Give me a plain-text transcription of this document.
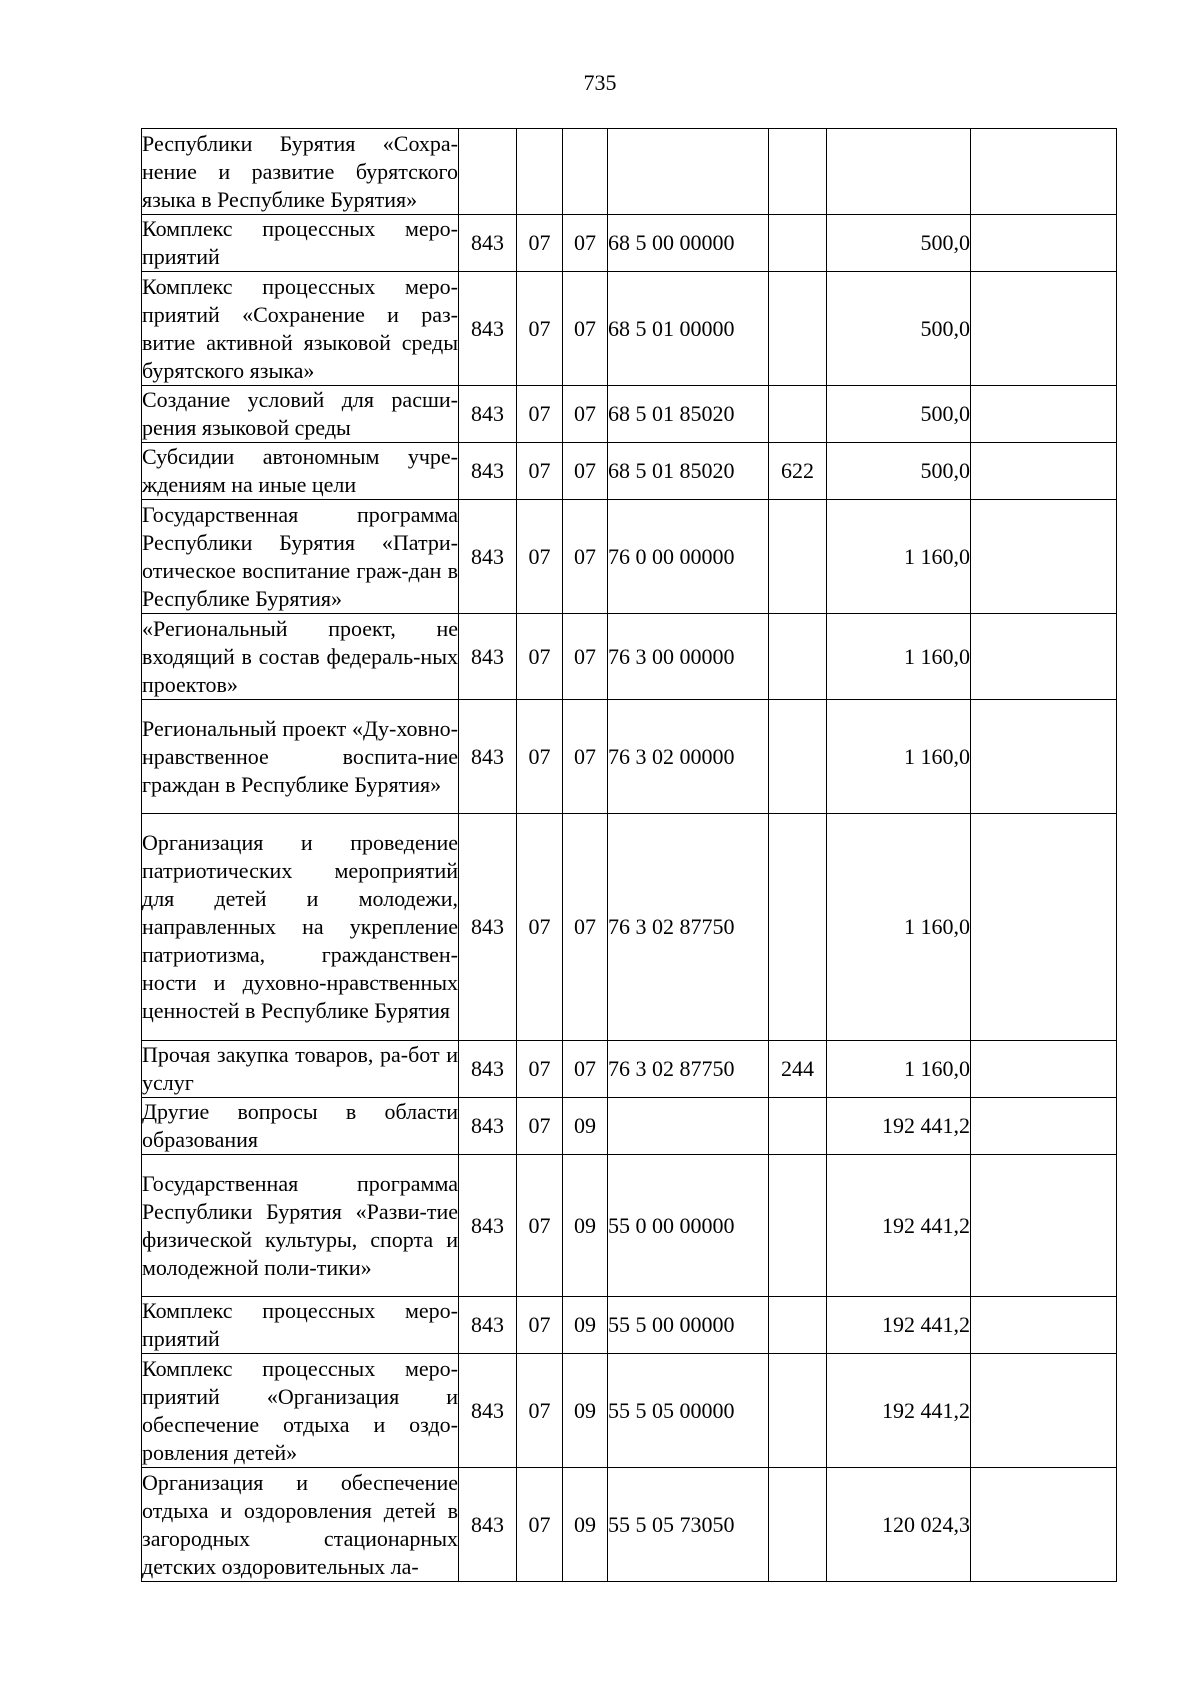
735
Республики Бурятия «Сохра-нение и развитие бурятского языка в Республике Бурятия»							
Комплекс процессных меро-приятий	843	07	07	68 5 00 00000		500,0	
Комплекс процессных меро-приятий «Сохранение и раз-витие активной языковой среды бурятского языка»	843	07	07	68 5 01 00000		500,0	
Создание условий для расши-рения языковой среды	843	07	07	68 5 01 85020		500,0	
Субсидии автономным учре-ждениям на иные цели	843	07	07	68 5 01 85020	622	500,0	
Государственная программа Республики Бурятия «Патри-отическое воспитание граж-дан в Республике Бурятия»	843	07	07	76 0 00 00000		1 160,0	
«Региональный проект, не входящий в состав федераль-ных проектов»	843	07	07	76 3 00 00000		1 160,0	
Региональный проект «Ду-ховно-нравственное воспита-ние граждан в Республике Бурятия»	843	07	07	76 3 02 00000		1 160,0	
Организация и проведение патриотических мероприятий для детей и молодежи, направленных на укрепление патриотизма, гражданствен-ности и духовно-нравственных ценностей в Республике Бурятия	843	07	07	76 3 02 87750		1 160,0	
Прочая закупка товаров, ра-бот и услуг	843	07	07	76 3 02 87750	244	1 160,0	
Другие вопросы в области образования	843	07	09			192 441,2	
Государственная программа Республики Бурятия «Разви-тие физической культуры, спорта и молодежной поли-тики»	843	07	09	55 0 00 00000		192 441,2	
Комплекс процессных меро-приятий	843	07	09	55 5 00 00000		192 441,2	
Комплекс процессных меро-приятий «Организация и обеспечение отдыха и оздо-ровления детей»	843	07	09	55 5 05 00000		192 441,2	
Организация и обеспечение отдыха и оздоровления детей в загородных стационарных детских оздоровительных ла-	843	07	09	55 5 05 73050		120 024,3	
